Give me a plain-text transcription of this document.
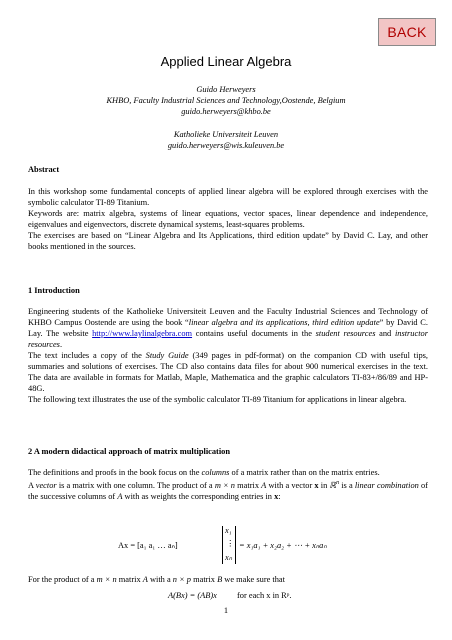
BACK
Applied Linear Algebra
Guido Herweyers
KHBO, Faculty Industrial Sciences and Technology,Oostende, Belgium
guido.herweyers@khbo.be
Katholieke Universiteit Leuven
guido.herweyers@wis.kuleuven.be
Abstract

In this workshop some fundamental concepts of applied linear algebra will be explored through exercises with the symbolic calculator TI-89 Titanium.

Keywords are: matrix algebra, systems of linear equations, vector spaces, linear dependence and independence, eigenvalues and eigenvectors, discrete dynamical systems, least-squares problems.

The exercises are based on “Linear Algebra and Its Applications, third edition update” by David C. Lay, and other books mentioned in the sources.

1 Introduction

Engineering students of the Katholieke Universiteit Leuven and the Faculty Industrial Sciences and Technology of KHBO Campus Oostende are using the book “linear algebra and its applications, third edition update” by David C. Lay. The website http://www.laylinalgebra.com contains useful documents in the student resources and instructor resources.

The text includes a copy of the Study Guide (349 pages in pdf-format) on the companion CD with useful tips, summaries and solutions of exercises. The CD also contains data files for about 900 numerical exercises in the text. The data are available in formats for Matlab, Maple, Mathematica and the graphic calculators TI-83+/86/89 and HP-48G.

The following text illustrates the use of the symbolic calculator TI-89 Titanium for applications in linear algebra.

2 A modern didactical approach of matrix multiplication

The definitions and proofs in the book focus on the columns of a matrix rather than on the matrix entries.

A vector is a matrix with one column. The product of a m × n matrix A with a vector x in ℝ$^n$ is a linear combination of the successive columns of A with as weights the corresponding entries in x:

Ax = [a₁ a₁ … aₙ]
x₁
⋮
xₙ
= x₁a₁ + x₂a₂ + ⋯ + xₙaₙ

For the product of a m × n matrix A with a n × p matrix B we make sure that

A(Bx) = (AB)x for each x in Rᵖ.
1
